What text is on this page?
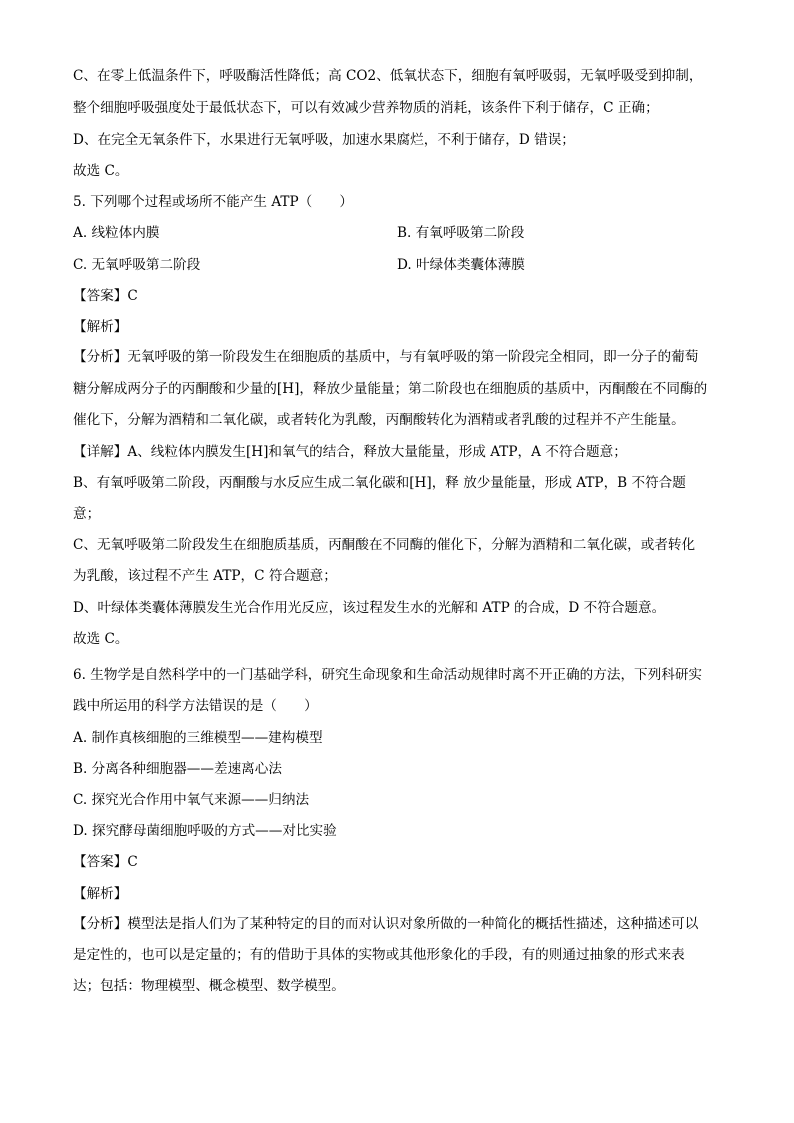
C、在零上低温条件下，呼吸酶活性降低；高 CO2、低氧状态下，细胞有氧呼吸弱，无氧呼吸受到抑制，
整个细胞呼吸强度处于最低状态下，可以有效减少营养物质的消耗，该条件下利于储存，C 正确；
D、在完全无氧条件下，水果进行无氧呼吸，加速水果腐烂，不利于储存，D 错误；
故选 C。
5. 下列哪个过程或场所不能产生 ATP（　　）
A. 线粒体内膜	B. 有氧呼吸第二阶段
C. 无氧呼吸第二阶段	D. 叶绿体类囊体薄膜
【答案】C
【解析】
【分析】无氧呼吸的第一阶段发生在细胞质的基质中，与有氧呼吸的第一阶段完全相同，即一分子的葡萄
糖分解成两分子的丙酮酸和少量的[H]，释放少量能量；第二阶段也在细胞质的基质中，丙酮酸在不同酶的
催化下，分解为酒精和二氧化碳，或者转化为乳酸，丙酮酸转化为酒精或者乳酸的过程并不产生能量。
【详解】A、线粒体内膜发生[H]和氧气的结合，释放大量能量，形成 ATP，A 不符合题意；
B、有氧呼吸第二阶段，丙酮酸与水反应生成二氧化碳和[H]，释 放少量能量，形成 ATP，B 不符合题
意；
C、无氧呼吸第二阶段发生在细胞质基质，丙酮酸在不同酶的催化下，分解为酒精和二氧化碳，或者转化
为乳酸，该过程不产生 ATP，C 符合题意；
D、叶绿体类囊体薄膜发生光合作用光反应，该过程发生水的光解和 ATP 的合成，D 不符合题意。
故选 C。
6. 生物学是自然科学中的一门基础学科，研究生命现象和生命活动规律时离不开正确的方法，下列科研实
践中所运用的科学方法错误的是（　　）
A. 制作真核细胞的三维模型——建构模型
B. 分离各种细胞器——差速离心法
C. 探究光合作用中氧气来源——归纳法
D. 探究酵母菌细胞呼吸的方式——对比实验
【答案】C
【解析】
【分析】模型法是指人们为了某种特定的目的而对认识对象所做的一种简化的概括性描述，这种描述可以
是定性的，也可以是定量的；有的借助于具体的实物或其他形象化的手段，有的则通过抽象的形式来表
达；包括：物理模型、概念模型、数学模型。
